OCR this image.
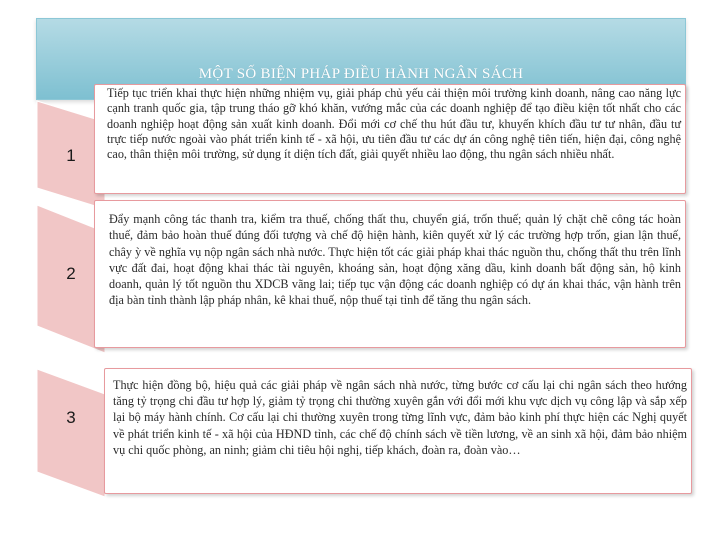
MỘT SỐ BIỆN PHÁP ĐIỀU HÀNH NGÂN SÁCH
1

Tiếp tục triển khai thực hiện những nhiệm vụ, giải pháp chủ yếu cải thiện môi trường kinh doanh, nâng cao năng lực cạnh tranh quốc gia, tập trung tháo gỡ khó khăn, vướng mắc của các doanh nghiệp để tạo điều kiện tốt nhất cho các doanh nghiệp hoạt động sản xuất kinh doanh. Đổi mới cơ chế thu hút đầu tư, khuyến khích đầu tư tư nhân, đầu tư trực tiếp nước ngoài vào phát triển kinh tế - xã hội, ưu tiên đầu tư các dự án công nghệ tiên tiến, hiện đại, công nghệ cao, thân thiện môi trường, sử dụng ít diện tích đất, giải quyết nhiều lao động, thu ngân sách nhiều nhất.

2

Đẩy mạnh công tác thanh tra, kiểm tra thuế, chống thất thu, chuyển giá, trốn thuế; quản lý chặt chẽ công tác hoàn thuế, đảm bảo hoàn thuế đúng đối tượng và chế độ hiện hành, kiên quyết xử lý các trường hợp trốn, gian lận thuế, chây ỳ về nghĩa vụ nộp ngân sách nhà nước. Thực hiện tốt các giải pháp khai thác nguồn thu, chống thất thu trên lĩnh vực đất đai, hoạt động khai thác tài nguyên, khoáng sản, hoạt động xăng dầu, kinh doanh bất động sản, hộ kinh doanh, quản lý tốt nguồn thu XDCB vãng lai; tiếp tục vận động các doanh nghiệp có dự án khai thác, vận hành trên địa bàn tỉnh thành lập pháp nhân, kê khai thuế, nộp thuế tại tỉnh để tăng thu ngân sách.

3

Thực hiện đồng bộ, hiệu quả các giải pháp về ngân sách nhà nước, từng bước cơ cấu lại chi ngân sách theo hướng tăng tỷ trọng chi đầu tư hợp lý, giảm tỷ trọng chi thường xuyên gắn với đổi mới khu vực dịch vụ công lập và sắp xếp lại bộ máy hành chính. Cơ cấu lại chi thường xuyên trong từng lĩnh vực, đảm bảo kinh phí thực hiện các Nghị quyết về phát triển kinh tế - xã hội của HĐND tỉnh, các chế độ chính sách về tiền lương, về an sinh xã hội, đảm bảo nhiệm vụ chi quốc phòng, an ninh; giảm chi tiêu hội nghị, tiếp khách, đoàn ra, đoàn vào…
